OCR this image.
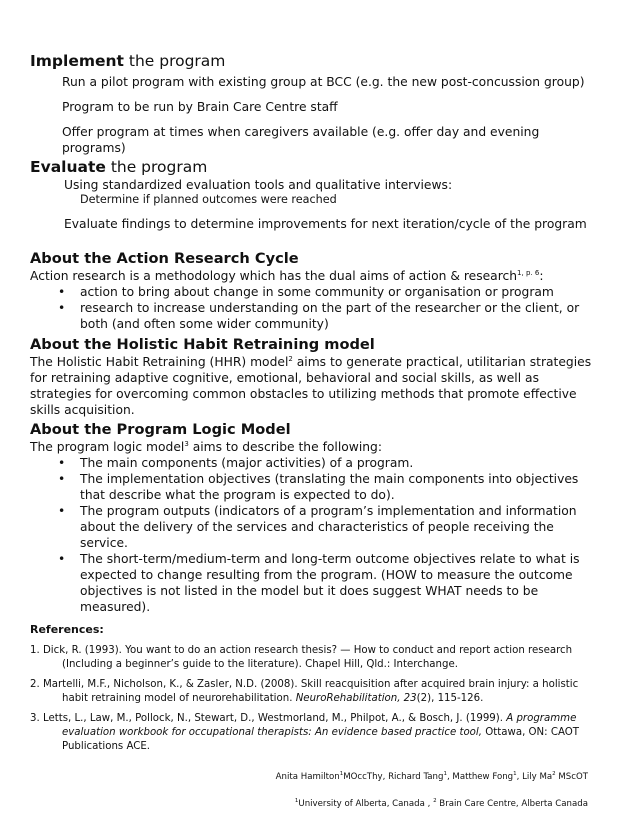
Implement the program
Run a pilot program with existing group at BCC (e.g. the new post-concussion group)
Program to be run by Brain Care Centre staff
Offer program at times when caregivers available (e.g. offer day and evening
programs)
Evaluate the program
Using standardized evaluation tools and qualitative interviews:
Determine if planned outcomes were reached
Evaluate findings to determine improvements for next iteration/cycle of the program
About the Action Research Cycle
Action research is a methodology which has the dual aims of action & research$^{1, p. 6}$:
• action to bring about change in some community or organisation or program
• research to increase understanding on the part of the researcher or the client, or
both (and often some wider community)
About the Holistic Habit Retraining model
The Holistic Habit Retraining (HHR) model$^2$ aims to generate practical, utilitarian strategies
for retraining adaptive cognitive, emotional, behavioral and social skills, as well as
strategies for overcoming common obstacles to utilizing methods that promote effective
skills acquisition.
About the Program Logic Model
The program logic model$^3$ aims to describe the following:
• The main components (major activities) of a program.
• The implementation objectives (translating the main components into objectives
that describe what the program is expected to do).
• The program outputs (indicators of a program’s implementation and information
about the delivery of the services and characteristics of people receiving the
service.
• The short-term/medium-term and long-term outcome objectives relate to what is
expected to change resulting from the program. (HOW to measure the outcome
objectives is not listed in the model but it does suggest WHAT needs to be
measured).
References:
1. Dick, R. (1993). You want to do an action research thesis? — How to conduct and report action research
(Including a beginner’s guide to the literature). Chapel Hill, Qld.: Interchange.
2. Martelli, M.F., Nicholson, K., & Zasler, N.D. (2008). Skill reacquisition after acquired brain injury: a holistic
habit retraining model of neurorehabilitation. NeuroRehabilitation, 23(2), 115-126.
3. Letts, L., Law, M., Pollock, N., Stewart, D., Westmorland, M., Philpot, A., & Bosch, J. (1999). A programme
evaluation workbook for occupational therapists: An evidence based practice tool, Ottawa, ON: CAOT
Publications ACE.
Anita Hamilton$^1$MOccThy, Richard Tang$^1$, Matthew Fong$^1$, Lily Ma$^2$ MScOT
$^1$University of Alberta, Canada , $^2$ Brain Care Centre, Alberta Canada
